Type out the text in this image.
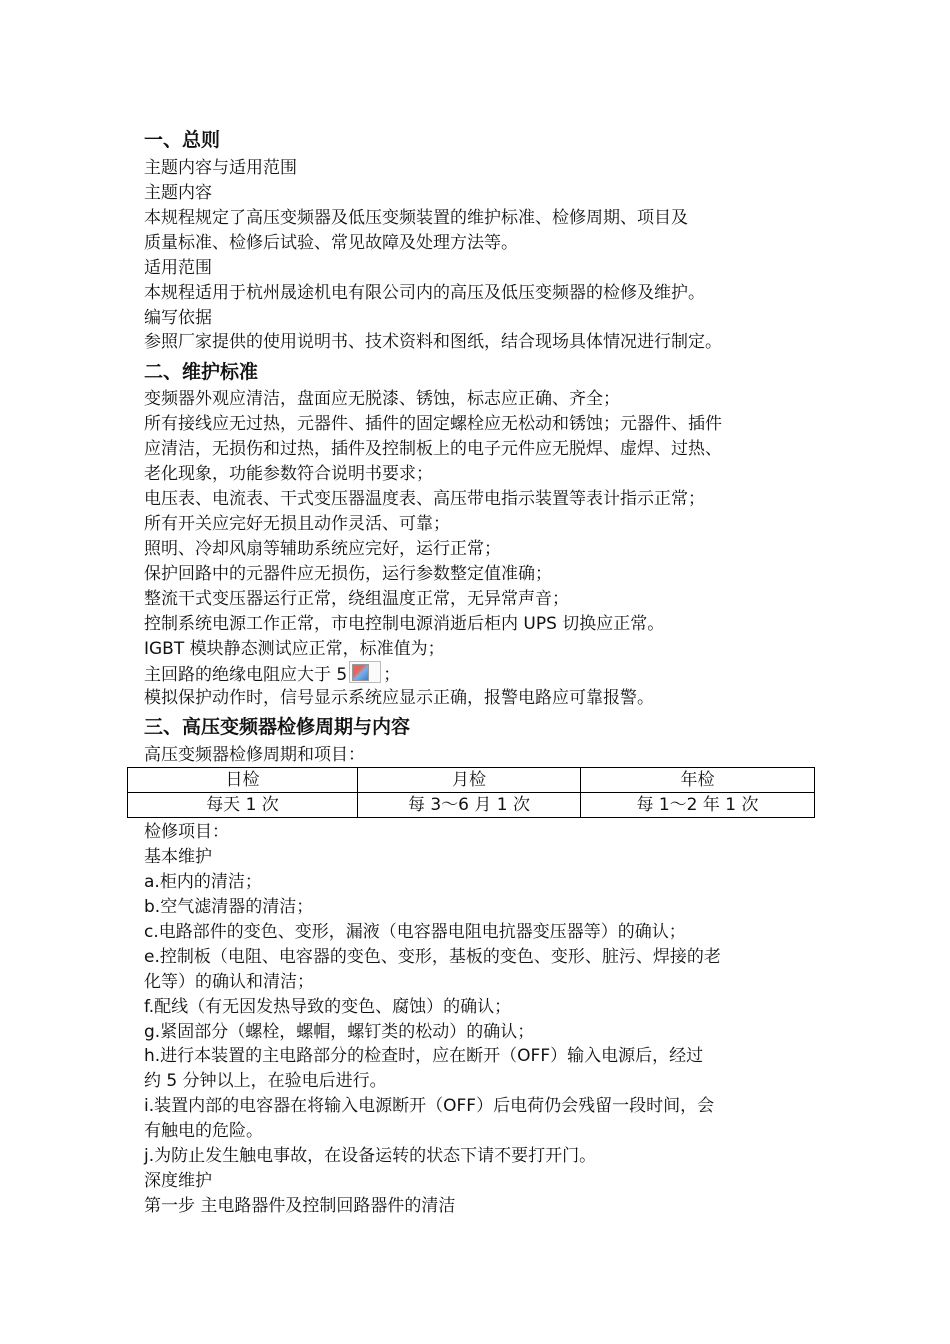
一、总则
主题内容与适用范围
主题内容
本规程规定了高压变频器及低压变频装置的维护标准、检修周期、项目及
质量标准、检修后试验、常见故障及处理方法等。
适用范围
本规程适用于杭州晟途机电有限公司内的高压及低压变频器的检修及维护。
编写依据
参照厂家提供的使用说明书、技术资料和图纸，结合现场具体情况进行制定。
二、维护标准
变频器外观应清洁，盘面应无脱漆、锈蚀，标志应正确、齐全；
所有接线应无过热，元器件、插件的固定螺栓应无松动和锈蚀；元器件、插件
应清洁，无损伤和过热，插件及控制板上的电子元件应无脱焊、虚焊、过热、
老化现象，功能参数符合说明书要求；
电压表、电流表、干式变压器温度表、高压带电指示装置等表计指示正常；
所有开关应完好无损且动作灵活、可靠；
照明、冷却风扇等辅助系统应完好，运行正常；
保护回路中的元器件应无损伤，运行参数整定值准确；
整流干式变压器运行正常，绕组温度正常，无异常声音；
控制系统电源工作正常，市电控制电源消逝后柜内 UPS 切换应正常。
IGBT 模块静态测试应正常，标准值为；
主回路的绝缘电阻应大于 5 ；
模拟保护动作时，信号显示系统应显示正确，报警电路应可靠报警。
三、高压变频器检修周期与内容
高压变频器检修周期和项目：
日检	月检	年检
每天 1 次	每 3～6 月 1 次	每 1～2 年 1 次
检修项目：
基本维护
a.柜内的清洁；
b.空气滤清器的清洁；
c.电路部件的变色、变形，漏液（电容器电阻电抗器变压器等）的确认；
e.控制板（电阻、电容器的变色、变形，基板的变色、变形、脏污、焊接的老
化等）的确认和清洁；
f.配线（有无因发热导致的变色、腐蚀）的确认；
g.紧固部分（螺栓，螺帽，螺钉类的松动）的确认；
h.进行本装置的主电路部分的检查时，应在断开（OFF）输入电源后，经过
约 5 分钟以上，在验电后进行。
i.装置内部的电容器在将输入电源断开（OFF）后电荷仍会残留一段时间，会
有触电的危险。
j.为防止发生触电事故，在设备运转的状态下请不要打开门。
深度维护
第一步 主电路器件及控制回路器件的清洁
